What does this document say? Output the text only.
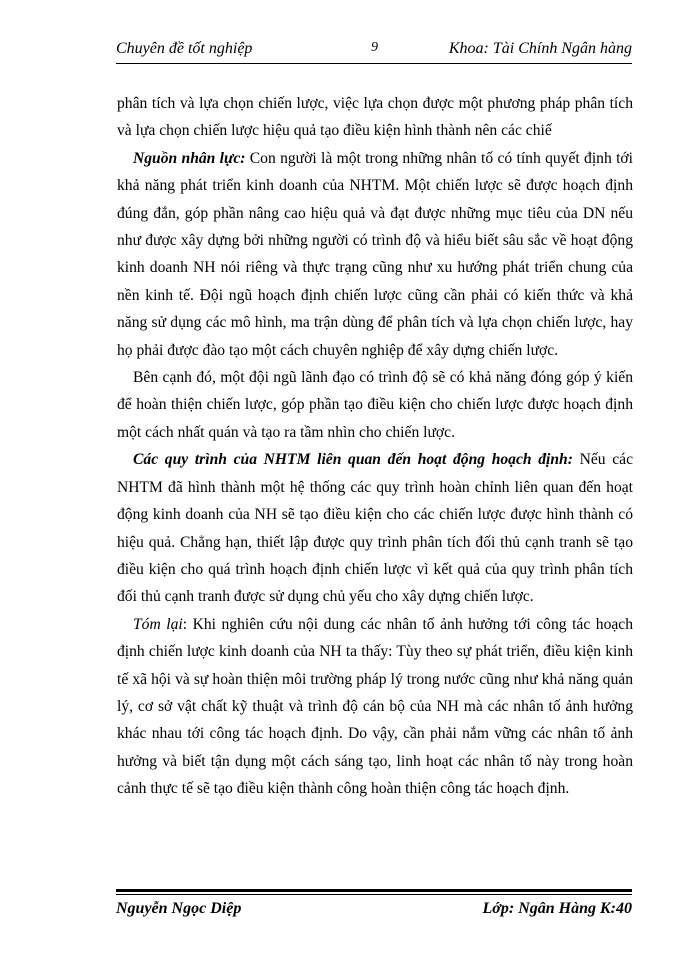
Chuyên đề tốt nghiệp	9	Khoa: Tài Chính Ngân hàng

phân tích và lựa chọn chiến lược, việc lựa chọn được một phương pháp phân tích và lựa chọn chiến lược hiệu quả tạo điều kiện hình thành nên các chiế

Nguồn nhân lực: Con người là một trong những nhân tố có tính quyết định tới khả năng phát triển kinh doanh của NHTM. Một chiến lược sẽ được hoạch định đúng đắn, góp phần nâng cao hiệu quả và đạt được những mục tiêu của DN nếu như được xây dựng bởi những người có trình độ và hiểu biết sâu sắc về hoạt động kinh doanh NH nói riêng và thực trạng cũng như xu hướng phát triển chung của nền kinh tế. Đội ngũ hoạch định chiến lược cũng cần phải có kiến thức và khả năng sử dụng các mô hình, ma trận dùng để phân tích và lựa chọn chiến lược, hay họ phải được đào tạo một cách chuyên nghiệp để xây dựng chiến lược.

Bên cạnh đó, một đội ngũ lãnh đạo có trình độ sẽ có khả năng đóng góp ý kiến để hoàn thiện chiến lược, góp phần tạo điều kiện cho chiến lược được hoạch định một cách nhất quán và tạo ra tầm nhìn cho chiến lược.

Các quy trình của NHTM liên quan đến hoạt động hoạch định: Nếu các NHTM đã hình thành một hệ thống các quy trình hoàn chỉnh liên quan đến hoạt động kinh doanh của NH sẽ tạo điều kiện cho các chiến lược được hình thành có hiệu quả. Chẳng hạn, thiết lập được quy trình phân tích đối thủ cạnh tranh sẽ tạo điều kiện cho quá trình hoạch định chiến lược vì kết quả của quy trình phân tích đối thủ cạnh tranh được sử dụng chủ yếu cho xây dựng chiến lược.

Tóm lại: Khi nghiên cứu nội dung các nhân tố ảnh hưởng tới công tác hoạch định chiến lược kinh doanh của NH ta thấy: Tùy theo sự phát triển, điều kiện kinh tế xã hội và sự hoàn thiện môi trường pháp lý trong nước cũng như khả năng quản lý, cơ sở vật chất kỹ thuật và trình độ cán bộ của NH mà các nhân tố ảnh hưởng khác nhau tới công tác hoạch định. Do vậy, cần phải nắm vững các nhân tố ảnh hưởng và biết tận dụng một cách sáng tạo, linh hoạt các nhân tố này trong hoàn cảnh thực tế sẽ tạo điều kiện thành công hoàn thiện công tác hoạch định.

Nguyễn Ngọc Diệp	Lớp: Ngân Hàng K:40
